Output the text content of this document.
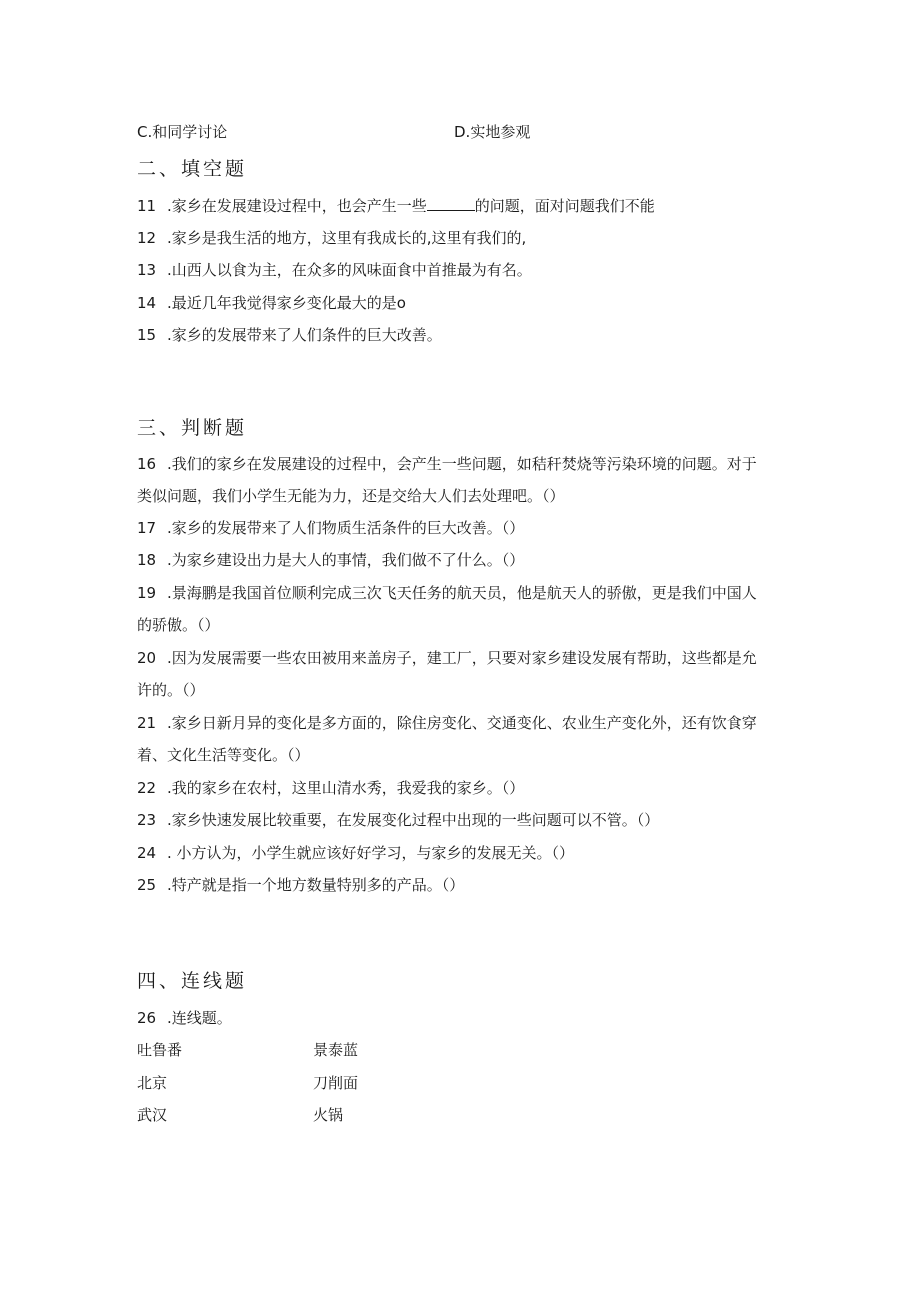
C.和同学讨论	D.实地参观
二、填空题
11 .家乡在发展建设过程中，也会产生一些	的问题，面对问题我们不能
12 .家乡是我生活的地方，这里有我成长的,这里有我们的,
13 .山西人以食为主，在众多的风味面食中首推最为有名。
14 .最近几年我觉得家乡变化最大的是o
15 .家乡的发展带来了人们条件的巨大改善。
三、判断题
16 .我们的家乡在发展建设的过程中，会产生一些问题，如秸秆焚烧等污染环境的问题。对于
类似问题，我们小学生无能为力，还是交给大人们去处理吧。（）
17 .家乡的发展带来了人们物质生活条件的巨大改善。（）
18 .为家乡建设出力是大人的事情，我们做不了什么。（）
19 .景海鹏是我国首位顺利完成三次飞天任务的航天员，他是航天人的骄傲，更是我们中国人
的骄傲。（）
20 .因为发展需要一些农田被用来盖房子，建工厂，只要对家乡建设发展有帮助，这些都是允
许的。（）
21 .家乡日新月异的变化是多方面的，除住房变化、交通变化、农业生产变化外，还有饮食穿
着、文化生活等变化。（）
22 .我的家乡在农村，这里山清水秀，我爱我的家乡。（）
23 .家乡快速发展比较重要，在发展变化过程中出现的一些问题可以不管。（）
24 . 小方认为，小学生就应该好好学习，与家乡的发展无关。（）
25 .特产就是指一个地方数量特别多的产品。（）
四、连线题
26 .连线题。
吐鲁番	景泰蓝
北京	刀削面
武汉	火锅
